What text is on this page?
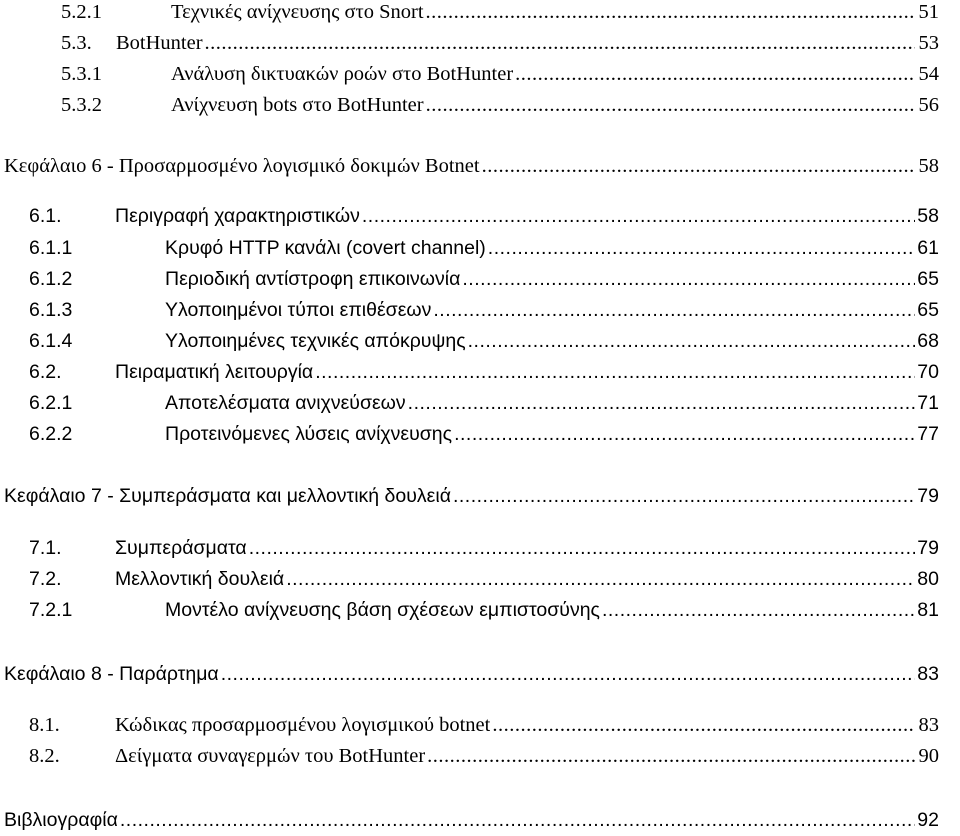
5.2.1	Τεχνικές ανίχνευσης στο Snort .....	51
5.3.	BotHunter .....	53
5.3.1	Ανάλυση δικτυακών ροών στο BotHunter .....	54
5.3.2	Ανίχνευση bots στο BotHunter .....	56
Κεφάλαιο 6 - Προσαρμοσμένο λογισμικό δοκιμών Botnet .....	58
6.1.	Περιγραφή χαρακτηριστικών .....	58
6.1.1	Κρυφό HTTP κανάλι (covert channel) .....	61
6.1.2	Περιοδική αντίστροφη επικοινωνία .....	65
6.1.3	Υλοποιημένοι τύποι επιθέσεων .....	65
6.1.4	Υλοποιημένες τεχνικές απόκρυψης .....	68
6.2.	Πειραματική λειτουργία .....	70
6.2.1	Αποτελέσματα ανιχνεύσεων .....	71
6.2.2	Προτεινόμενες λύσεις ανίχνευσης .....	77
Κεφάλαιο 7 - Συμπεράσματα και μελλοντική δουλειά .....	79
7.1.	Συμπεράσματα .....	79
7.2.	Μελλοντική δουλειά .....	80
7.2.1	Μοντέλο ανίχνευσης βάση σχέσεων εμπιστοσύνης .....	81
Κεφάλαιο 8 - Παράρτημα .....	83
8.1.	Κώδικας προσαρμοσμένου λογισμικού botnet .....	83
8.2.	Δείγματα συναγερμών του BotHunter .....	90
Βιβλιογραφία .....	92
